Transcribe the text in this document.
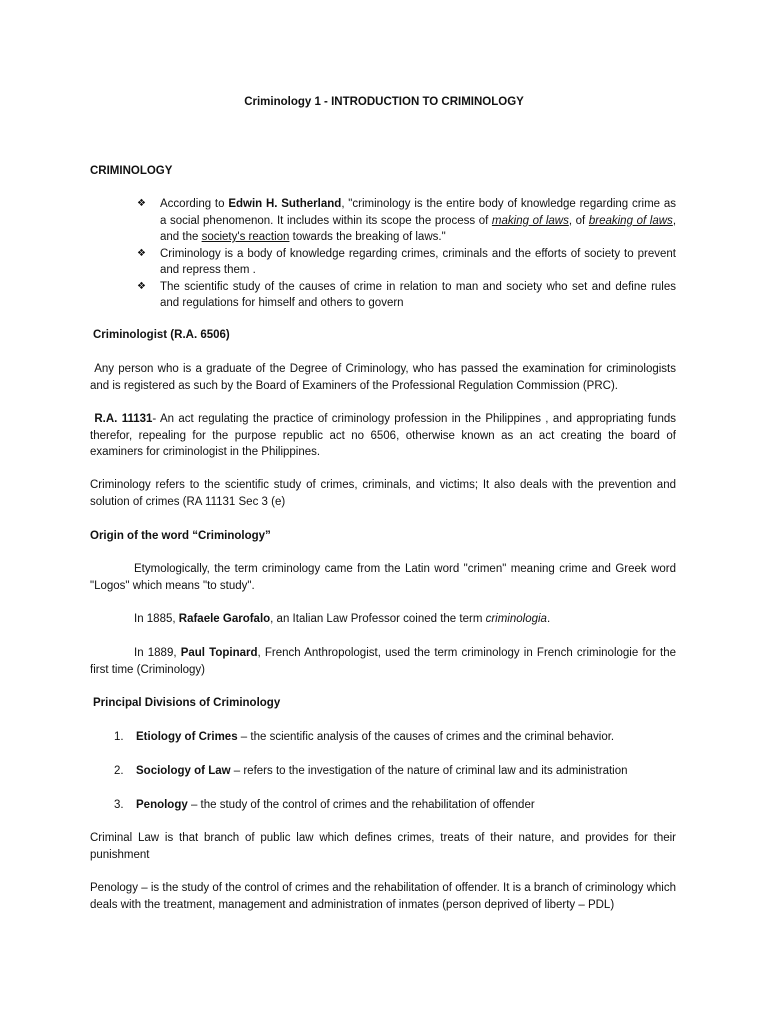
Criminology 1 - INTRODUCTION TO CRIMINOLOGY
CRIMINOLOGY
❖ According to Edwin H. Sutherland, "criminology is the entire body of knowledge regarding crime as a social phenomenon. It includes within its scope the process of making of laws, of breaking of laws, and the society's reaction towards the breaking of laws."
❖ Criminology is a body of knowledge regarding crimes, criminals and the efforts of society to prevent and repress them .
❖ The scientific study of the causes of crime in relation to man and society who set and define rules and regulations for himself and others to govern
Criminologist (R.A. 6506)
Any person who is a graduate of the Degree of Criminology, who has passed the examination for criminologists and is registered as such by the Board of Examiners of the Professional Regulation Commission (PRC).
R.A. 11131- An act regulating the practice of criminology profession in the Philippines , and appropriating funds therefor, repealing for the purpose republic act no 6506, otherwise known as an act creating the board of examiners for criminologist in the Philippines.
Criminology refers to the scientific study of crimes, criminals, and victims; It also deals with the prevention and solution of crimes (RA 11131 Sec 3 (e)
Origin of the word “Criminology”
Etymologically, the term criminology came from the Latin word "crimen" meaning crime and Greek word "Logos" which means "to study".
In 1885, Rafaele Garofalo, an Italian Law Professor coined the term criminologia.
In 1889, Paul Topinard, French Anthropologist, used the term criminology in French criminologie for the first time (Criminology)
Principal Divisions of Criminology
1. Etiology of Crimes – the scientific analysis of the causes of crimes and the criminal behavior.
2. Sociology of Law – refers to the investigation of the nature of criminal law and its administration
3. Penology – the study of the control of crimes and the rehabilitation of offender
Criminal Law is that branch of public law which defines crimes, treats of their nature, and provides for their punishment
Penology – is the study of the control of crimes and the rehabilitation of offender. It is a branch of criminology which deals with the treatment, management and administration of inmates (person deprived of liberty – PDL)
